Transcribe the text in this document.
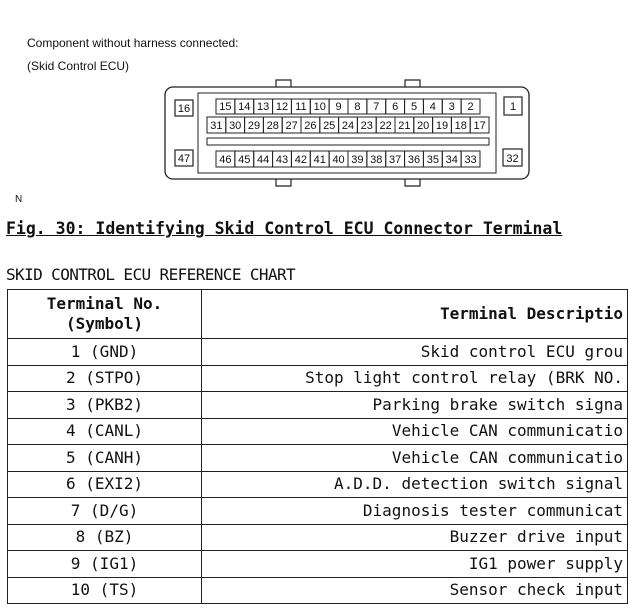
Component without harness connected:
(Skid Control ECU)
16
47
1
32
15 14 13 12 11 10 9 8 7 6 5 4 3 2
31 30 29 28 27 26 25 24 23 22 21 20 19 18 17
46 45 44 43 42 41 40 39 38 37 36 35 34 33
N
Fig. 30: Identifying Skid Control ECU Connector Terminal
SKID CONTROL ECU REFERENCE CHART
Terminal No.
(Symbol)	Terminal Descriptio
1 (GND)	Skid control ECU grou
2 (STPO)	Stop light control relay (BRK NO.
3 (PKB2)	Parking brake switch signa
4 (CANL)	Vehicle CAN communicatio
5 (CANH)	Vehicle CAN communicatio
6 (EXI2)	A.D.D. detection switch signal
7 (D/G)	Diagnosis tester communicat
8 (BZ)	Buzzer drive input
9 (IG1)	IG1 power supply
10 (TS)	Sensor check input
